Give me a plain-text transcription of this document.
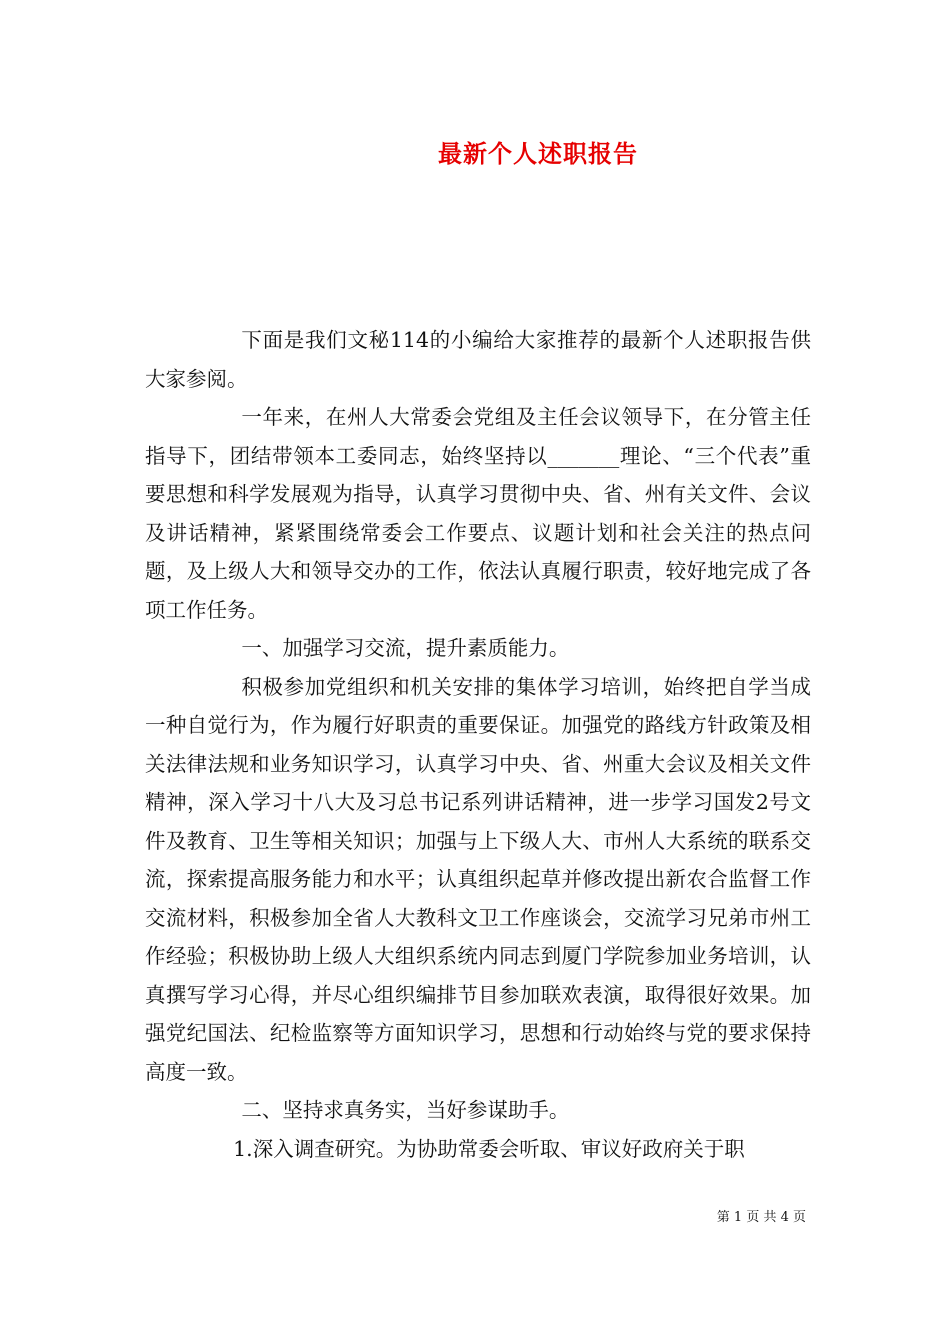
最新个人述职报告

下面是我们文秘114的小编给大家推荐的最新个人述职报告供大家参阅。

一年来，在州人大常委会党组及主任会议领导下，在分管主任指导下，团结带领本工委同志，始终坚持以_______理论、“三个代表”重要思想和科学发展观为指导，认真学习贯彻中央、省、州有关文件、会议及讲话精神，紧紧围绕常委会工作要点、议题计划和社会关注的热点问题，及上级人大和领导交办的工作，依法认真履行职责，较好地完成了各项工作任务。

一、加强学习交流，提升素质能力。

积极参加党组织和机关安排的集体学习培训，始终把自学当成一种自觉行为，作为履行好职责的重要保证。加强党的路线方针政策及相关法律法规和业务知识学习，认真学习中央、省、州重大会议及相关文件精神，深入学习十八大及习总书记系列讲话精神，进一步学习国发2号文件及教育、卫生等相关知识；加强与上下级人大、市州人大系统的联系交流，探索提高服务能力和水平；认真组织起草并修改提出新农合监督工作交流材料，积极参加全省人大教科文卫工作座谈会，交流学习兄弟市州工作经验；积极协助上级人大组织系统内同志到厦门学院参加业务培训，认真撰写学习心得，并尽心组织编排节目参加联欢表演，取得很好效果。加强党纪国法、纪检监察等方面知识学习，思想和行动始终与党的要求保持高度一致。

二、坚持求真务实，当好参谋助手。

1.深入调查研究。为协助常委会听取、审议好政府关于职

第 1 页 共 4 页
